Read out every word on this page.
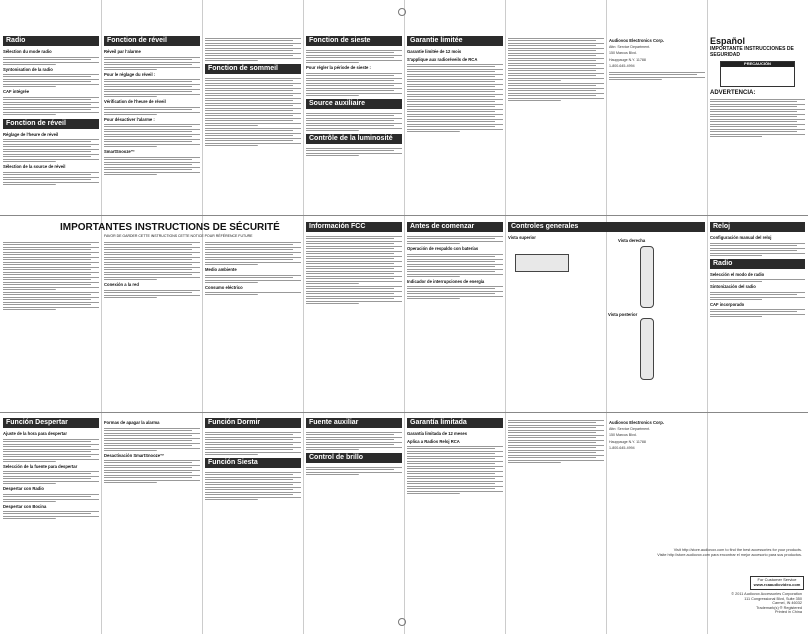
Radio
Sélection du mode radio
Syntonisation de la radio
CAF intégrée
Fonction de réveil
Réglage de l'heure de réveil
Sélection de la source de réveil
Fonction de réveil
Réveil par l'alarme
Pour le réglage du réveil :
Vérification de l'heure de réveil
Pour désactiver l'alarme :
SmartSnooze™
Fonction de sommeil
Fonction de sieste
Pour régler la période de sieste :
Source auxiliaire
Contrôle de la luminosité
Garantie limitée
Garantie limitée de 12 mois
S'applique aux radioréveils de RCA
Audiovox Electronics Corp.
Attn: Service Department.
150 Marcus Blvd.
Hauppauge N.Y. 11788
1-800-645-4994
Español
IMPORTANTE INSTRUCCIONES DE SEGURIDAD
PRECAUCIÓN
ADVERTENCIA:
IMPORTANTES INSTRUCTIONS DE SÉCURITÉ
FAVOR DE GARDER CETTE INSTRUCTIONS CETTE NOTICE POUR RÉFÉRENCE FUTURE
Conexión a la red
Medio ambiente
Consumo eléctrico
Información FCC	Antes de comenzar
Operación de respaldo con baterías
Indicador de interrupciones de energía
Controles generales
Vista superior
Vista derecha
Vista posterior
Reloj
Configuración manual del reloj
Radio
Selección el modo de radio
Sintonización del radio
CAF incorporado
Función Despertar
Ajuste de la hora para despertar
Selección de la fuente para despertar
Despertar con Radio
Despertar con Bocina
Formas de apagar la alarma
Desactivación SmartSnooze™
Función Dormir
Función Siesta
Fuente auxiliar
Control de brillo
Garantía limitada
Garantía limitada de 12 meses
Aplica a Radios Reloj RCA
Audiovox Electronics Corp.
Attn: Service Department.
150 Marcus Blvd.
Hauppauge N.Y. 11788
1-800-645-4994
Visit http://store.audiovox.com to find the best accessories for your products.
Visite http://store.audiovox.com para encontrar el mejor accesorio para sus productos.
For Customer Service
www.rcaaudiovideo.com
© 2011 Audiovox Accessories Corporation
111 Congressional Blvd, Suite 350
Carmel, IN 46032
Trademark(s) ® Registered
Printed in China
